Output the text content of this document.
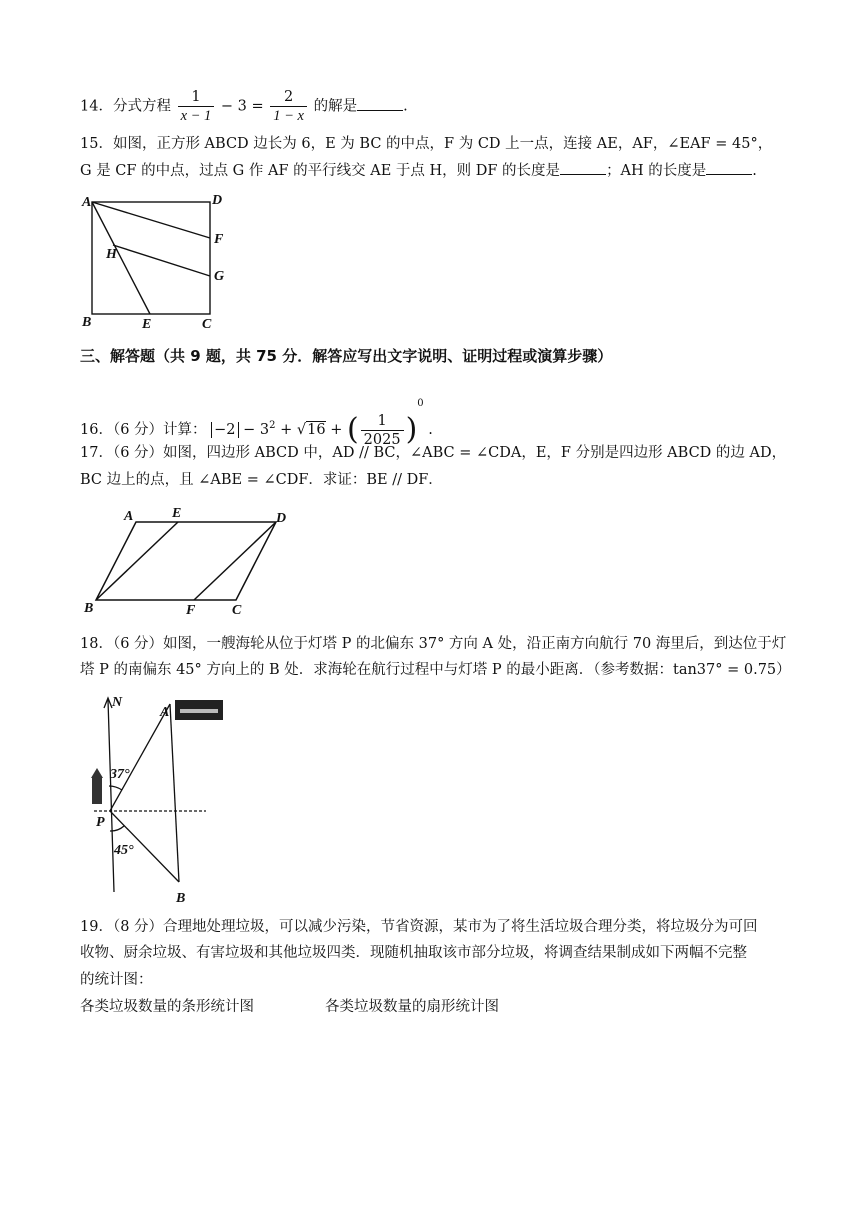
14．分式方程 $\frac{1}{x - 1} - 3 = \frac{2}{1 - x}$ 的解是	.
15．如图，正方形 ABCD 边长为 6，E 为 BC 的中点，F 为 CD 上一点，连接 AE，AF，∠EAF = 45°，
G 是 CF 的中点，过点 G 作 AF 的平行线交 AE 于点 H，则 DF 的长度是	；AH 的长度是	.
A	D
F
H
G
B	E	C
三、解答题（共 9 题，共 75 分．解答应写出文字说明、证明过程或演算步骤）
16．（6 分）计算： $-2 - 3^2 + √16$ + ( $\frac{1}{2025} )^0$ .
17．（6 分）如图，四边形 ABCD 中，AD // BC，∠ABC = ∠CDA，E，F 分别是四边形 ABCD 的边 AD，
BC 边上的点，且 ∠ABE = ∠CDF．求证：BE // DF．
A	E	D
B	F	C
18．（6 分）如图，一艘海轮从位于灯塔 P 的北偏东 37° 方向 A 处，沿正南方向航行 70 海里后，到达位于灯
塔 P 的南偏东 45° 方向上的 B 处．求海轮在航行过程中与灯塔 P 的最小距离．（参考数据：tan37° = 0.75）
N
A
P
B
37°
45°
19．（8 分）合理地处理垃圾，可以减少污染，节省资源，某市为了将生活垃圾合理分类，将垃圾分为可回
收物、厨余垃圾、有害垃圾和其他垃圾四类．现随机抽取该市部分垃圾，将调查结果制成如下两幅不完整
的统计图：
各类垃圾数量的条形统计图	各类垃圾数量的扇形统计图
